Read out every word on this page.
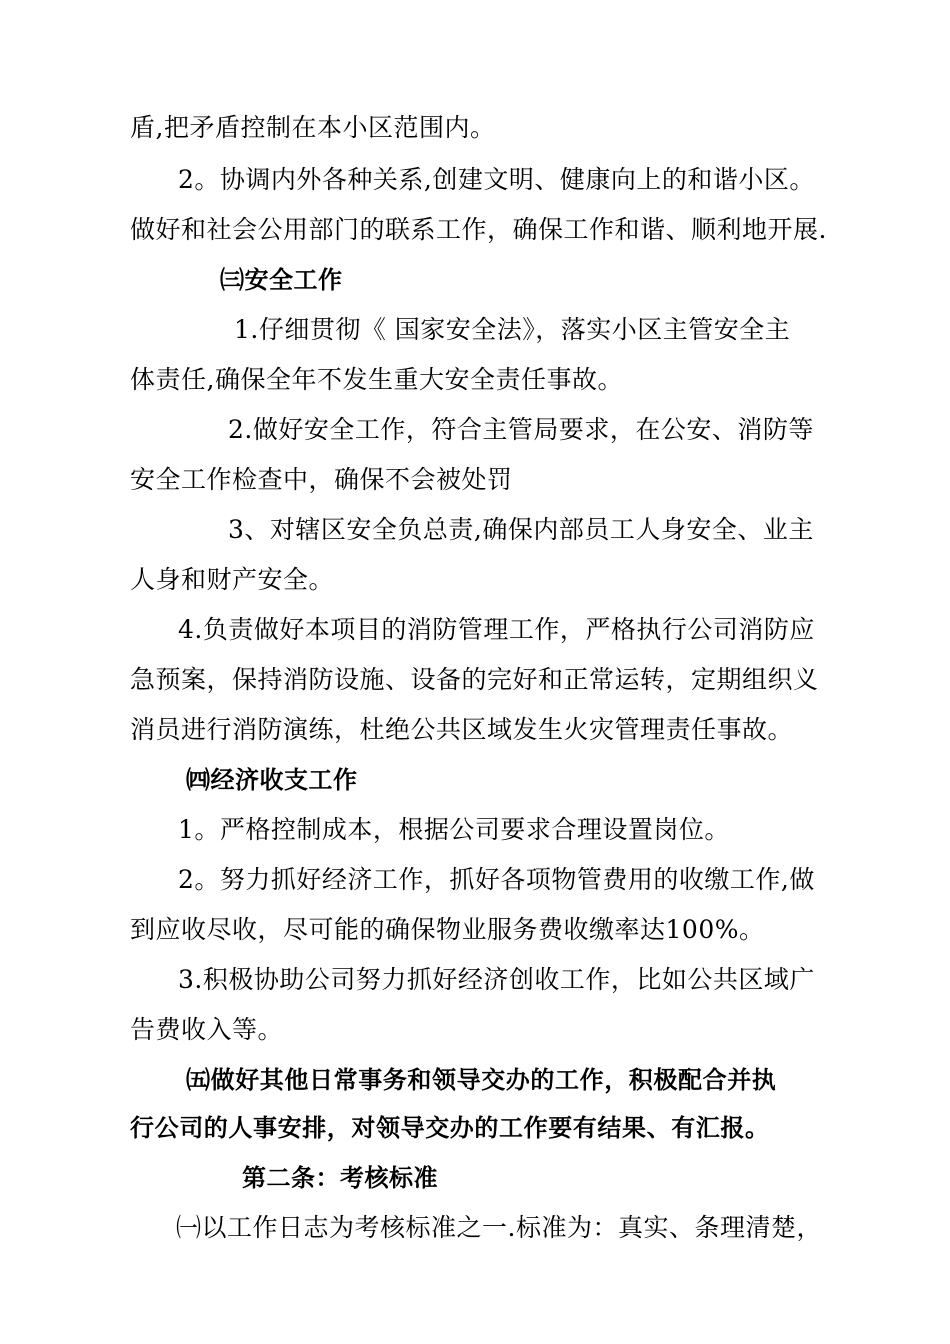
盾,把矛盾控制在本小区范围内。
2。协调内外各种关系,创建文明、健康向上的和谐小区。
做好和社会公用部门的联系工作，确保工作和谐、顺利地开展.
㈢安全工作
1.仔细贯彻《 国家安全法》，落实小区主管安全主
体责任,确保全年不发生重大安全责任事故。
2.做好安全工作，符合主管局要求，在公安、消防等
安全工作检查中，确保不会被处罚
3、对辖区安全负总责,确保内部员工人身安全、业主
人身和财产安全。
4.负责做好本项目的消防管理工作，严格执行公司消防应
急预案，保持消防设施、设备的完好和正常运转，定期组织义
消员进行消防演练，杜绝公共区域发生火灾管理责任事故。
㈣经济收支工作
1。严格控制成本，根据公司要求合理设置岗位。
2。努力抓好经济工作，抓好各项物管费用的收缴工作,做
到应收尽收，尽可能的确保物业服务费收缴率达100%。
3.积极协助公司努力抓好经济创收工作，比如公共区域广
告费收入等。
㈤做好其他日常事务和领导交办的工作，积极配合并执
行公司的人事安排，对领导交办的工作要有结果、有汇报。
第二条：考核标准
㈠以工作日志为考核标准之一.标准为：真实、条理清楚，
